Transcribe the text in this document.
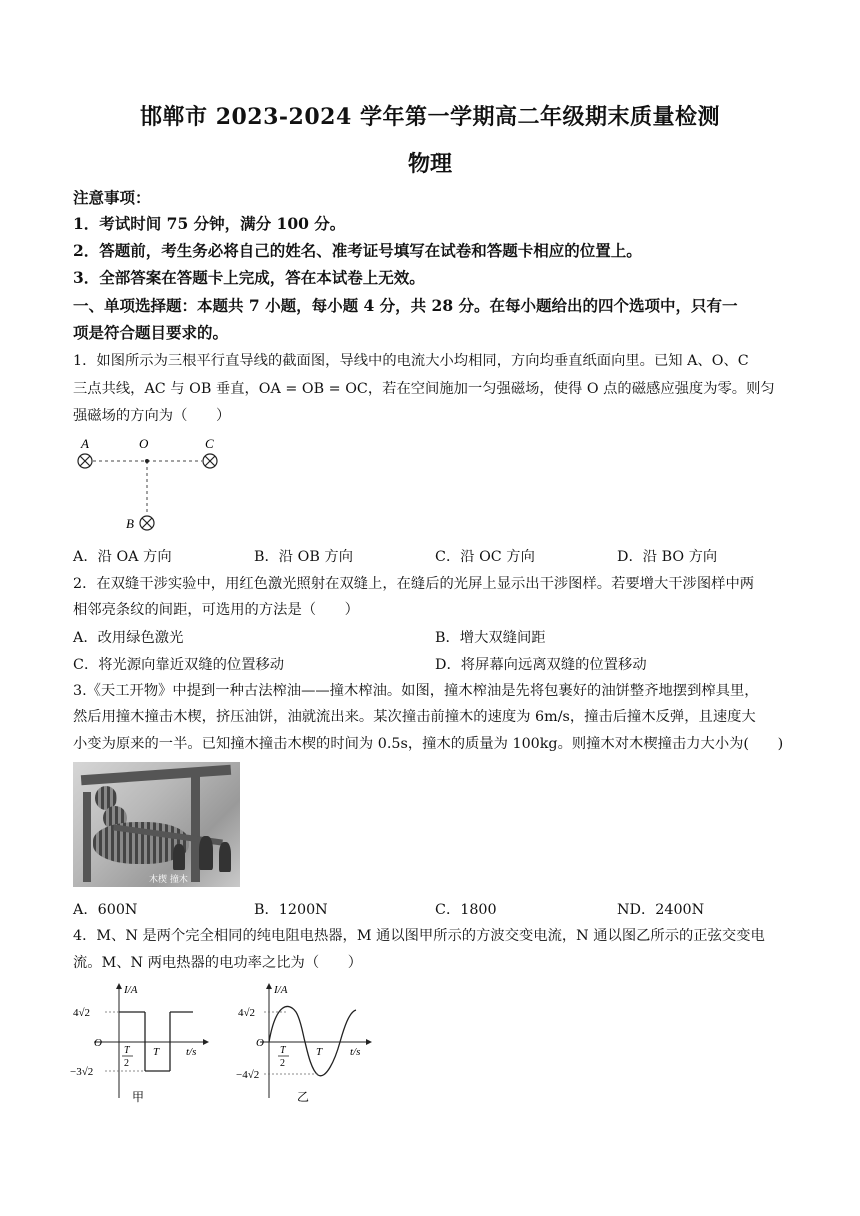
邯郸市 2023-2024 学年第一学期高二年级期末质量检测
物理
注意事项：
1．考试时间 75 分钟，满分 100 分。
2．答题前，考生务必将自己的姓名、准考证号填写在试卷和答题卡相应的位置上。
3．全部答案在答题卡上完成，答在本试卷上无效。
一、单项选择题：本题共 7 小题，每小题 4 分，共 28 分。在每小题给出的四个选项中，只有一
项是符合题目要求的。
1．如图所示为三根平行直导线的截面图，导线中的电流大小均相同，方向均垂直纸面向里。已知 A、O、C
三点共线，AC 与 OB 垂直，OA = OB = OC，若在空间施加一匀强磁场，使得 O 点的磁感应强度为零。则匀
强磁场的方向为（　　）
A	O	C
B
A．沿 OA 方向	B．沿 OB 方向	C．沿 OC 方向	D．沿 BO 方向
2．在双缝干涉实验中，用红色激光照射在双缝上，在缝后的光屏上显示出干涉图样。若要增大干涉图样中两
相邻亮条纹的间距，可选用的方法是（　　）
A．改用绿色激光	B．增大双缝间距
C．将光源向靠近双缝的位置移动	D．将屏幕向远离双缝的位置移动
3.《天工开物》中提到一种古法榨油——撞木榨油。如图，撞木榨油是先将包裹好的油饼整齐地摆到榨具里，
然后用撞木撞击木楔，挤压油饼，油就流出来。某次撞击前撞木的速度为 6m/s，撞击后撞木反弹，且速度大
小变为原来的一半。已知撞木撞击木楔的时间为 0.5s，撞木的质量为 100kg。则撞木对木楔撞击力大小为(　　)
木楔 撞木
A．600N	B．1200N	C．1800	ND．2400N
4．M、N 是两个完全相同的纯电阻电热器，M 通以图甲所示的方波交变电流，N 通以图乙所示的正弦交变电
流。M、N 两电热器的电功率之比为（　　）
I/A
t/s
O
4√2
−3√2
T
2
T
甲
I/A
t/s
O
4√2
−4√2
T
2
T
乙
